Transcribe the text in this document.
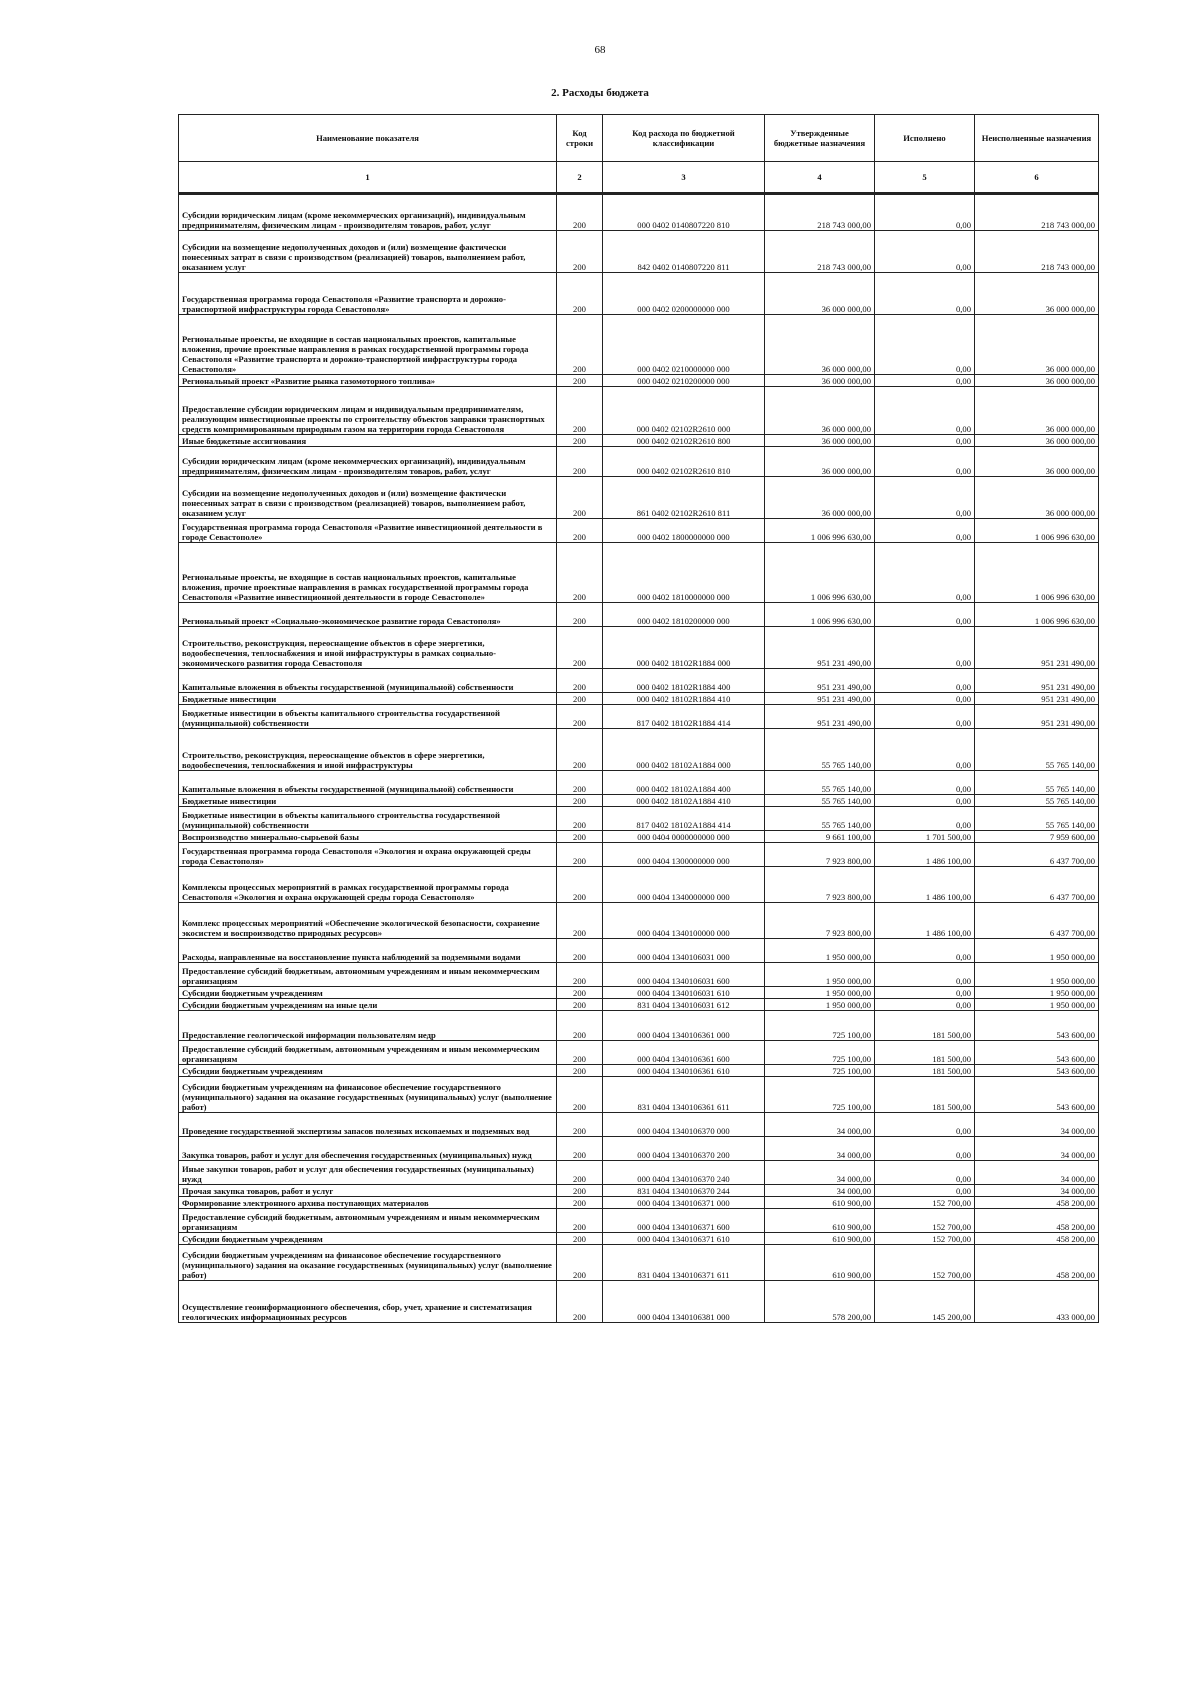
68
2. Расходы бюджета
Наименование показателя	Код строки	Код расхода по бюджетной классификации	Утвержденные бюджетные назначения	Исполнено	Неисполненные назначения
1	2	3	4	5	6

Субсидии юридическим лицам (кроме некоммерческих организаций), индивидуальным предпринимателям, физическим лицам - производителям товаров, работ, услуг	200	000 0402 0140807220 810	218 743 000,00	0,00	218 743 000,00
Субсидии на возмещение недополученных доходов и (или) возмещение фактически понесенных затрат в связи с производством (реализацией) товаров, выполнением работ, оказанием услуг	200	842 0402 0140807220 811	218 743 000,00	0,00	218 743 000,00
Государственная программа города Севастополя «Развитие транспорта и дорожно-транспортной инфраструктуры города Севастополя»	200	000 0402 0200000000 000	36 000 000,00	0,00	36 000 000,00
Региональные проекты, не входящие в состав национальных проектов, капитальные вложения, прочие проектные направления в рамках государственной программы города Севастополя «Развитие транспорта и дорожно-транспортной инфраструктуры города Севастополя»	200	000 0402 0210000000 000	36 000 000,00	0,00	36 000 000,00
Региональный проект «Развитие рынка газомоторного топлива»	200	000 0402 0210200000 000	36 000 000,00	0,00	36 000 000,00
Предоставление субсидии юридическим лицам и индивидуальным предпринимателям, реализующим инвестиционные проекты по строительству объектов заправки транспортных средств компримированным природным газом на территории города Севастополя	200	000 0402 02102R2610 000	36 000 000,00	0,00	36 000 000,00
Иные бюджетные ассигнования	200	000 0402 02102R2610 800	36 000 000,00	0,00	36 000 000,00
Субсидии юридическим лицам (кроме некоммерческих организаций), индивидуальным предпринимателям, физическим лицам - производителям товаров, работ, услуг	200	000 0402 02102R2610 810	36 000 000,00	0,00	36 000 000,00
Субсидии на возмещение недополученных доходов и (или) возмещение фактически понесенных затрат в связи с производством (реализацией) товаров, выполнением работ, оказанием услуг	200	861 0402 02102R2610 811	36 000 000,00	0,00	36 000 000,00
Государственная программа города Севастополя «Развитие инвестиционной деятельности в городе Севастополе»	200	000 0402 1800000000 000	1 006 996 630,00	0,00	1 006 996 630,00
Региональные проекты, не входящие в состав национальных проектов, капитальные вложения, прочие проектные направления в рамках государственной программы города Севастополя «Развитие инвестиционной деятельности в городе Севастополе»	200	000 0402 1810000000 000	1 006 996 630,00	0,00	1 006 996 630,00
Региональный проект «Социально-экономическое развитие города Севастополя»	200	000 0402 1810200000 000	1 006 996 630,00	0,00	1 006 996 630,00
Строительство, реконструкция, переоснащение объектов в сфере энергетики, водообеспечения, теплоснабжения и иной инфраструктуры в рамках социально-экономического развития города Севастополя	200	000 0402 18102R1884 000	951 231 490,00	0,00	951 231 490,00
Капитальные вложения в объекты государственной (муниципальной) собственности	200	000 0402 18102R1884 400	951 231 490,00	0,00	951 231 490,00
Бюджетные инвестиции	200	000 0402 18102R1884 410	951 231 490,00	0,00	951 231 490,00
Бюджетные инвестиции в объекты капитального строительства государственной (муниципальной) собственности	200	817 0402 18102R1884 414	951 231 490,00	0,00	951 231 490,00
Строительство, реконструкция, переоснащение объектов в сфере энергетики, водообеспечения, теплоснабжения и иной инфраструктуры	200	000 0402 18102A1884 000	55 765 140,00	0,00	55 765 140,00
Капитальные вложения в объекты государственной (муниципальной) собственности	200	000 0402 18102A1884 400	55 765 140,00	0,00	55 765 140,00
Бюджетные инвестиции	200	000 0402 18102A1884 410	55 765 140,00	0,00	55 765 140,00
Бюджетные инвестиции в объекты капитального строительства государственной (муниципальной) собственности	200	817 0402 18102A1884 414	55 765 140,00	0,00	55 765 140,00
Воспроизводство минерально-сырьевой базы	200	000 0404 0000000000 000	9 661 100,00	1 701 500,00	7 959 600,00
Государственная программа города Севастополя «Экология и охрана окружающей среды города Севастополя»	200	000 0404 1300000000 000	7 923 800,00	1 486 100,00	6 437 700,00
Комплексы процессных мероприятий в рамках государственной программы города Севастополя «Экология и охрана окружающей среды города Севастополя»	200	000 0404 1340000000 000	7 923 800,00	1 486 100,00	6 437 700,00
Комплекс процессных мероприятий «Обеспечение экологической безопасности, сохранение экосистем и воспроизводство природных ресурсов»	200	000 0404 1340100000 000	7 923 800,00	1 486 100,00	6 437 700,00
Расходы, направленные на восстановление пункта наблюдений за подземными водами	200	000 0404 1340106031 000	1 950 000,00	0,00	1 950 000,00
Предоставление субсидий бюджетным, автономным учреждениям и иным некоммерческим организациям	200	000 0404 1340106031 600	1 950 000,00	0,00	1 950 000,00
Субсидии бюджетным учреждениям	200	000 0404 1340106031 610	1 950 000,00	0,00	1 950 000,00
Субсидии бюджетным учреждениям на иные цели	200	831 0404 1340106031 612	1 950 000,00	0,00	1 950 000,00
Предоставление геологической информации пользователям недр	200	000 0404 1340106361 000	725 100,00	181 500,00	543 600,00
Предоставление субсидий бюджетным, автономным учреждениям и иным некоммерческим организациям	200	000 0404 1340106361 600	725 100,00	181 500,00	543 600,00
Субсидии бюджетным учреждениям	200	000 0404 1340106361 610	725 100,00	181 500,00	543 600,00
Субсидии бюджетным учреждениям на финансовое обеспечение государственного (муниципального) задания на оказание государственных (муниципальных) услуг (выполнение работ)	200	831 0404 1340106361 611	725 100,00	181 500,00	543 600,00
Проведение государственной экспертизы запасов полезных ископаемых и подземных вод	200	000 0404 1340106370 000	34 000,00	0,00	34 000,00
Закупка товаров, работ и услуг для обеспечения государственных (муниципальных) нужд	200	000 0404 1340106370 200	34 000,00	0,00	34 000,00
Иные закупки товаров, работ и услуг для обеспечения государственных (муниципальных) нужд	200	000 0404 1340106370 240	34 000,00	0,00	34 000,00
Прочая закупка товаров, работ и услуг	200	831 0404 1340106370 244	34 000,00	0,00	34 000,00
Формирование электронного архива поступающих материалов	200	000 0404 1340106371 000	610 900,00	152 700,00	458 200,00
Предоставление субсидий бюджетным, автономным учреждениям и иным некоммерческим организациям	200	000 0404 1340106371 600	610 900,00	152 700,00	458 200,00
Субсидии бюджетным учреждениям	200	000 0404 1340106371 610	610 900,00	152 700,00	458 200,00
Субсидии бюджетным учреждениям на финансовое обеспечение государственного (муниципального) задания на оказание государственных (муниципальных) услуг (выполнение работ)	200	831 0404 1340106371 611	610 900,00	152 700,00	458 200,00
Осуществление геоинформационного обеспечения, сбор, учет, хранение и систематизация геологических информационных ресурсов	200	000 0404 1340106381 000	578 200,00	145 200,00	433 000,00
